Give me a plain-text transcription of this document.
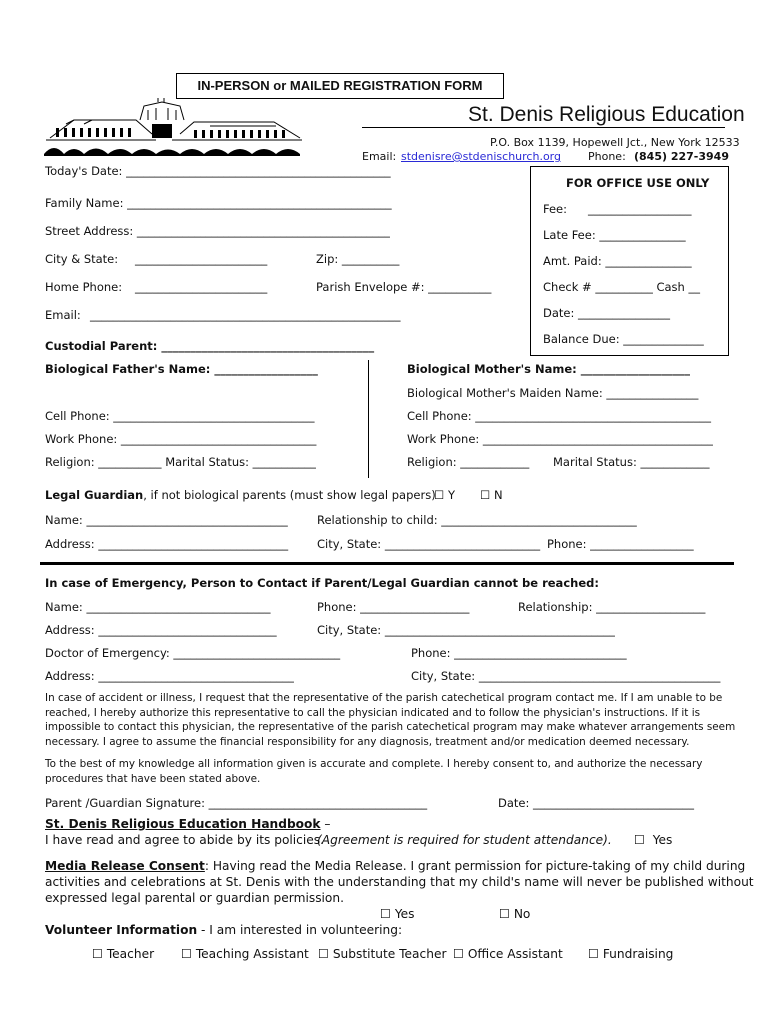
IN-PERSON or MAILED REGISTRATION FORM
St. Denis Religious Education
P.O. Box 1139, Hopewell Jct., New York 12533
Email: stdenisre@stdenischurch.org Phone: (845) 227-3949
Today's Date: ______________________________________________
Family Name: ______________________________________________
Street Address: ____________________________________________
City & State: _______________________	Zip: __________
Home Phone: _______________________	Parish Envelope #: ___________
Email: ______________________________________________________
Custodial Parent: _____________________________________
FOR OFFICE USE ONLY
Fee: __________________
Late Fee: _______________
Amt. Paid: _______________
Check # __________ Cash __
Date: ________________
Balance Due: ______________
Biological Father's Name: __________________
Cell Phone: ___________________________________
Work Phone: __________________________________
Religion: ___________ Marital Status: ___________
Biological Mother's Name: ___________________
Biological Mother's Maiden Name: ________________
Cell Phone: _________________________________________
Work Phone: ________________________________________
Religion: ____________ Marital Status: ____________
Legal Guardian, if not biological parents (must show legal papers)
☐ Y ☐ N
Name: ___________________________________	Relationship to child: __________________________________
Address: _________________________________	City, State: ___________________________ Phone: __________________
In case of Emergency, Person to Contact if Parent/Legal Guardian cannot be reached:
Name: ________________________________	Phone: ___________________	Relationship: ___________________
Address: _______________________________	City, State: ________________________________________
Doctor of Emergency: _____________________________	Phone: ______________________________
Address: __________________________________	City, State: __________________________________________
In case of accident or illness, I request that the representative of the parish catechetical program contact me. If I am unable to be
reached, I hereby authorize this representative to call the physician indicated and to follow the physician's instructions. If it is
impossible to contact this physician, the representative of the parish catechetical program may make whatever arrangements seem
necessary. I agree to assume the financial responsibility for any diagnosis, treatment and/or medication deemed necessary.
To the best of my knowledge all information given is accurate and complete. I hereby consent to, and authorize the necessary
procedures that have been stated above.
Parent /Guardian Signature: ______________________________________	Date: ____________________________
St. Denis Religious Education Handbook –
I have read and agree to abide by its policies.
(Agreement is required for student attendance). ☐ Yes
Media Release Consent: Having read the Media Release. I grant permission for picture-taking of my child during
activities and celebrations at St. Denis with the understanding that my child's name will never be published without
expressed legal parental or guardian permission.
☐ Yes	☐ No
Volunteer Information - I am interested in volunteering:
☐ Teacher ☐ Teaching Assistant ☐ Substitute Teacher ☐ Office Assistant ☐ Fundraising
